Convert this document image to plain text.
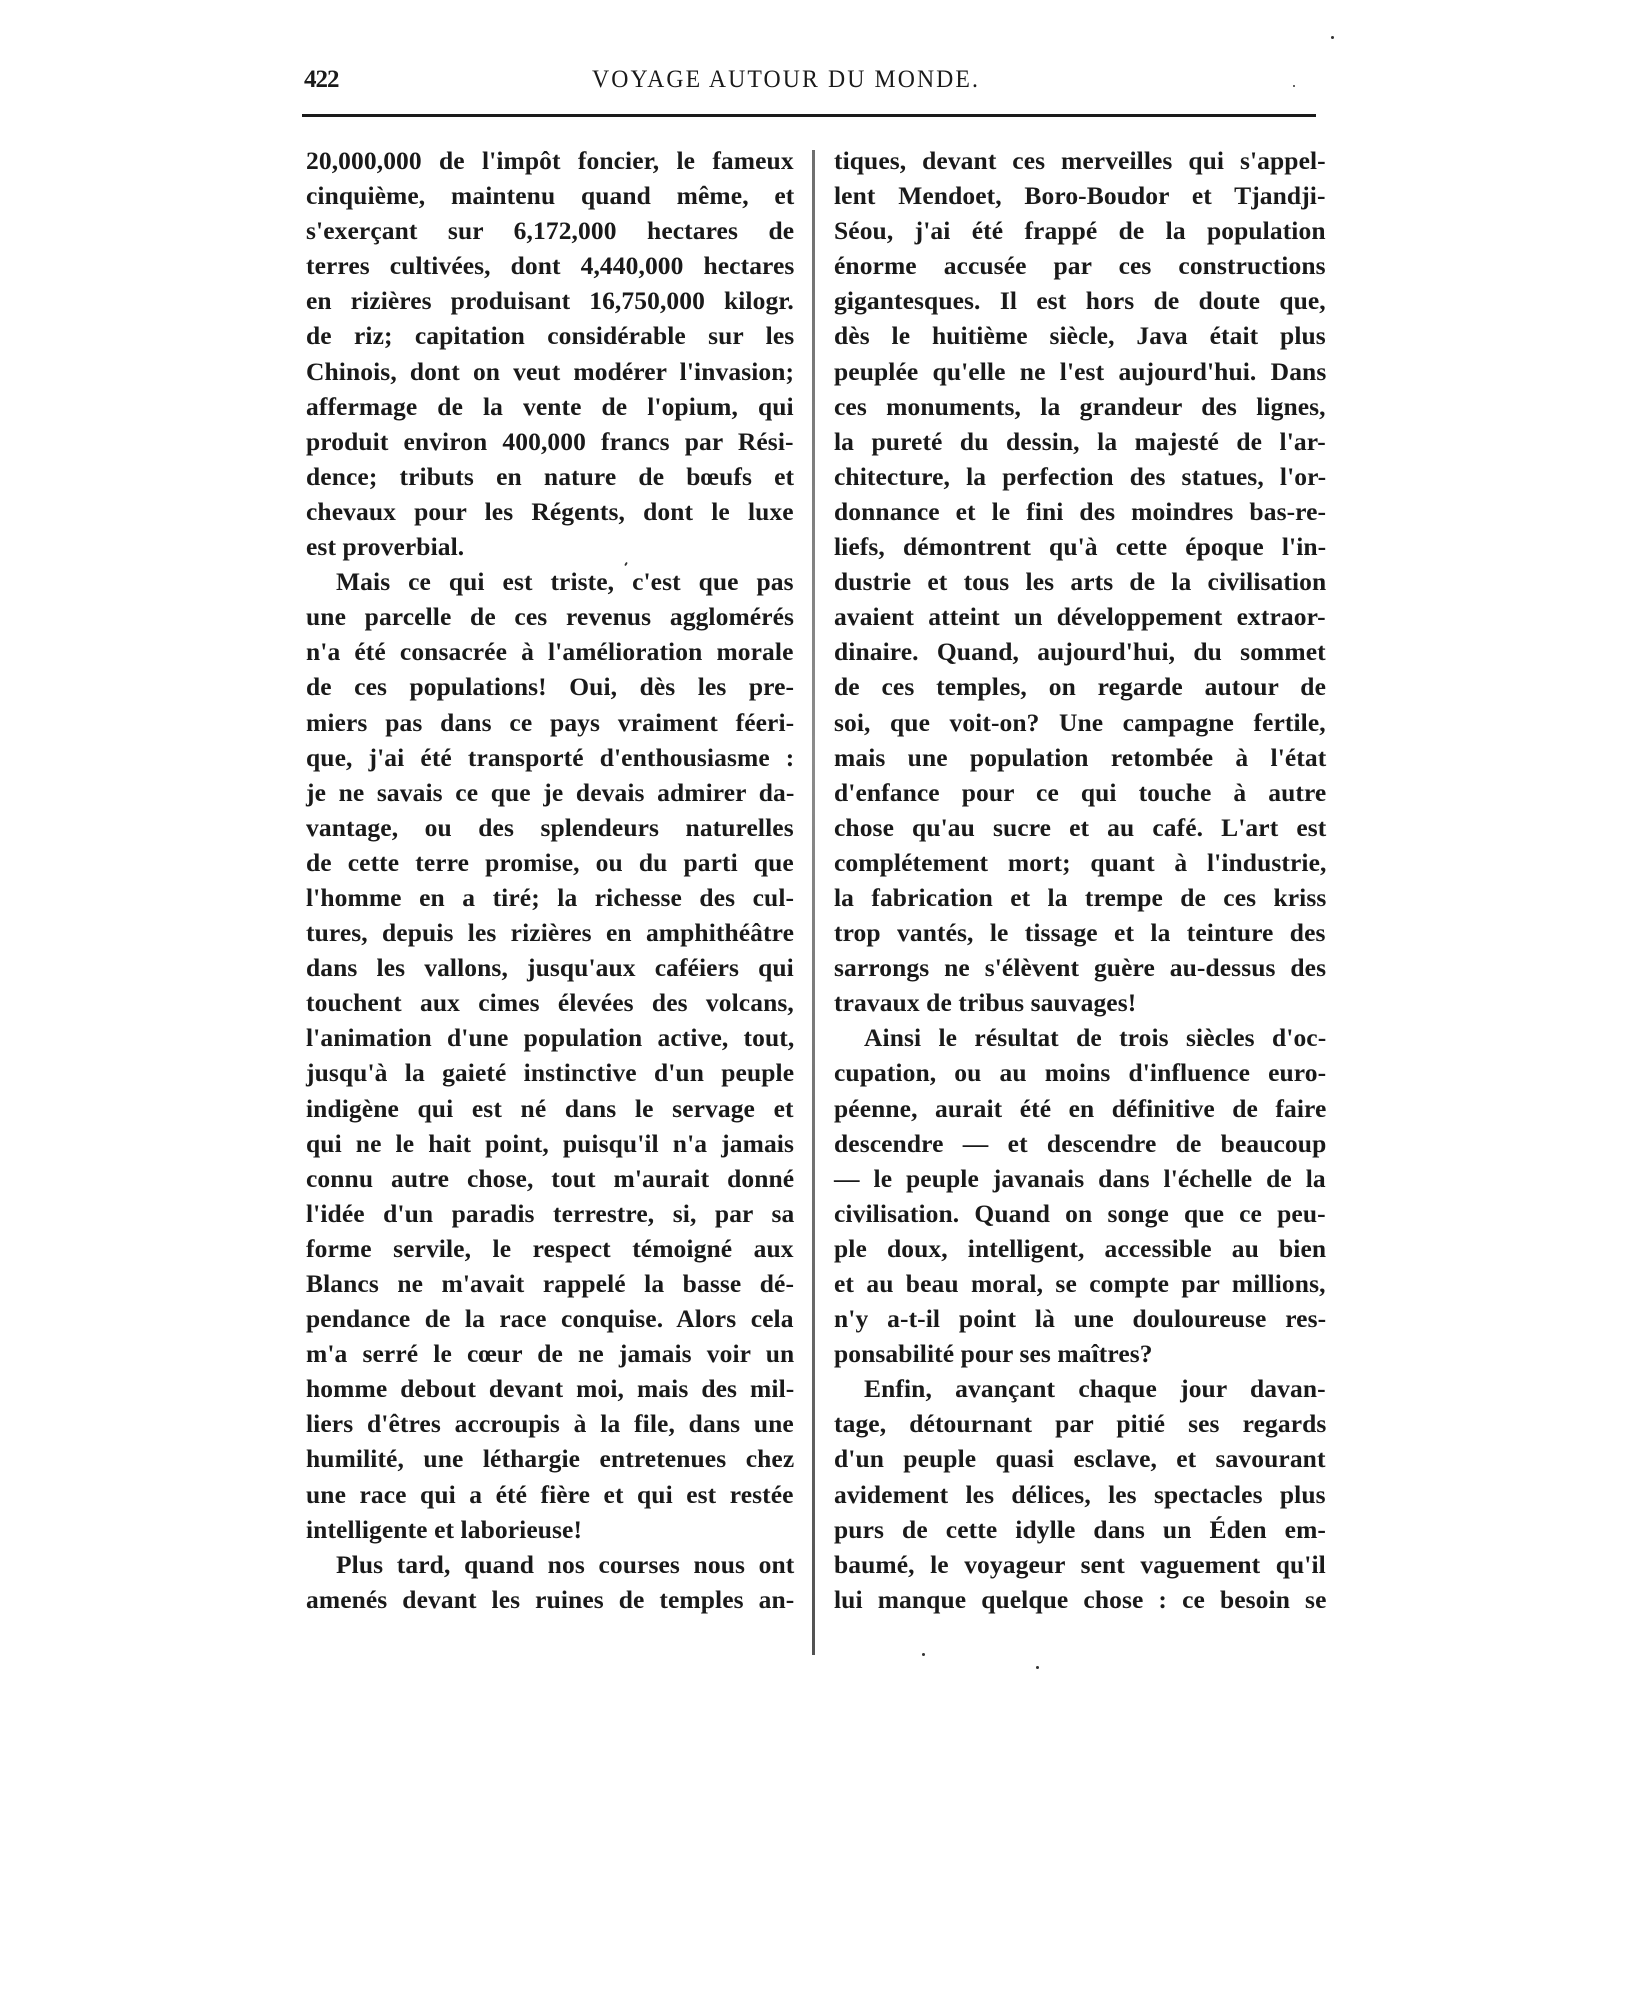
422	VOYAGE AUTOUR DU MONDE.
20,000,000 de l'impôt foncier, le fameux
cinquième, maintenu quand même, et
s'exerçant sur 6,172,000 hectares de
terres cultivées, dont 4,440,000 hectares
en rizières produisant 16,750,000 kilogr.
de riz; capitation considérable sur les
Chinois, dont on veut modérer l'invasion;
affermage de la vente de l'opium, qui
produit environ 400,000 francs par Rési-
dence; tributs en nature de bœufs et
chevaux pour les Régents, dont le luxe
est proverbial.
Mais ce qui est triste, c'est que pas
une parcelle de ces revenus agglomérés
n'a été consacrée à l'amélioration morale
de ces populations! Oui, dès les pre-
miers pas dans ce pays vraiment féeri-
que, j'ai été transporté d'enthousiasme :
je ne savais ce que je devais admirer da-
vantage, ou des splendeurs naturelles
de cette terre promise, ou du parti que
l'homme en a tiré; la richesse des cul-
tures, depuis les rizières en amphithéâtre
dans les vallons, jusqu'aux caféiers qui
touchent aux cimes élevées des volcans,
l'animation d'une population active, tout,
jusqu'à la gaieté instinctive d'un peuple
indigène qui est né dans le servage et
qui ne le hait point, puisqu'il n'a jamais
connu autre chose, tout m'aurait donné
l'idée d'un paradis terrestre, si, par sa
forme servile, le respect témoigné aux
Blancs ne m'avait rappelé la basse dé-
pendance de la race conquise. Alors cela
m'a serré le cœur de ne jamais voir un
homme debout devant moi, mais des mil-
liers d'êtres accroupis à la file, dans une
humilité, une léthargie entretenues chez
une race qui a été fière et qui est restée
intelligente et laborieuse!
Plus tard, quand nos courses nous ont
amenés devant les ruines de temples an-
tiques, devant ces merveilles qui s'appel-
lent Mendoet, Boro-Boudor et Tjandji-
Séou, j'ai été frappé de la population
énorme accusée par ces constructions
gigantesques. Il est hors de doute que,
dès le huitième siècle, Java était plus
peuplée qu'elle ne l'est aujourd'hui. Dans
ces monuments, la grandeur des lignes,
la pureté du dessin, la majesté de l'ar-
chitecture, la perfection des statues, l'or-
donnance et le fini des moindres bas-re-
liefs, démontrent qu'à cette époque l'in-
dustrie et tous les arts de la civilisation
avaient atteint un développement extraor-
dinaire. Quand, aujourd'hui, du sommet
de ces temples, on regarde autour de
soi, que voit-on? Une campagne fertile,
mais une population retombée à l'état
d'enfance pour ce qui touche à autre
chose qu'au sucre et au café. L'art est
complétement mort; quant à l'industrie,
la fabrication et la trempe de ces kriss
trop vantés, le tissage et la teinture des
sarrongs ne s'élèvent guère au-dessus des
travaux de tribus sauvages!
Ainsi le résultat de trois siècles d'oc-
cupation, ou au moins d'influence euro-
péenne, aurait été en définitive de faire
descendre — et descendre de beaucoup
— le peuple javanais dans l'échelle de la
civilisation. Quand on songe que ce peu-
ple doux, intelligent, accessible au bien
et au beau moral, se compte par millions,
n'y a-t-il point là une douloureuse res-
ponsabilité pour ses maîtres?
Enfin, avançant chaque jour davan-
tage, détournant par pitié ses regards
d'un peuple quasi esclave, et savourant
avidement les délices, les spectacles plus
purs de cette idylle dans un Éden em-
baumé, le voyageur sent vaguement qu'il
lui manque quelque chose : ce besoin se
